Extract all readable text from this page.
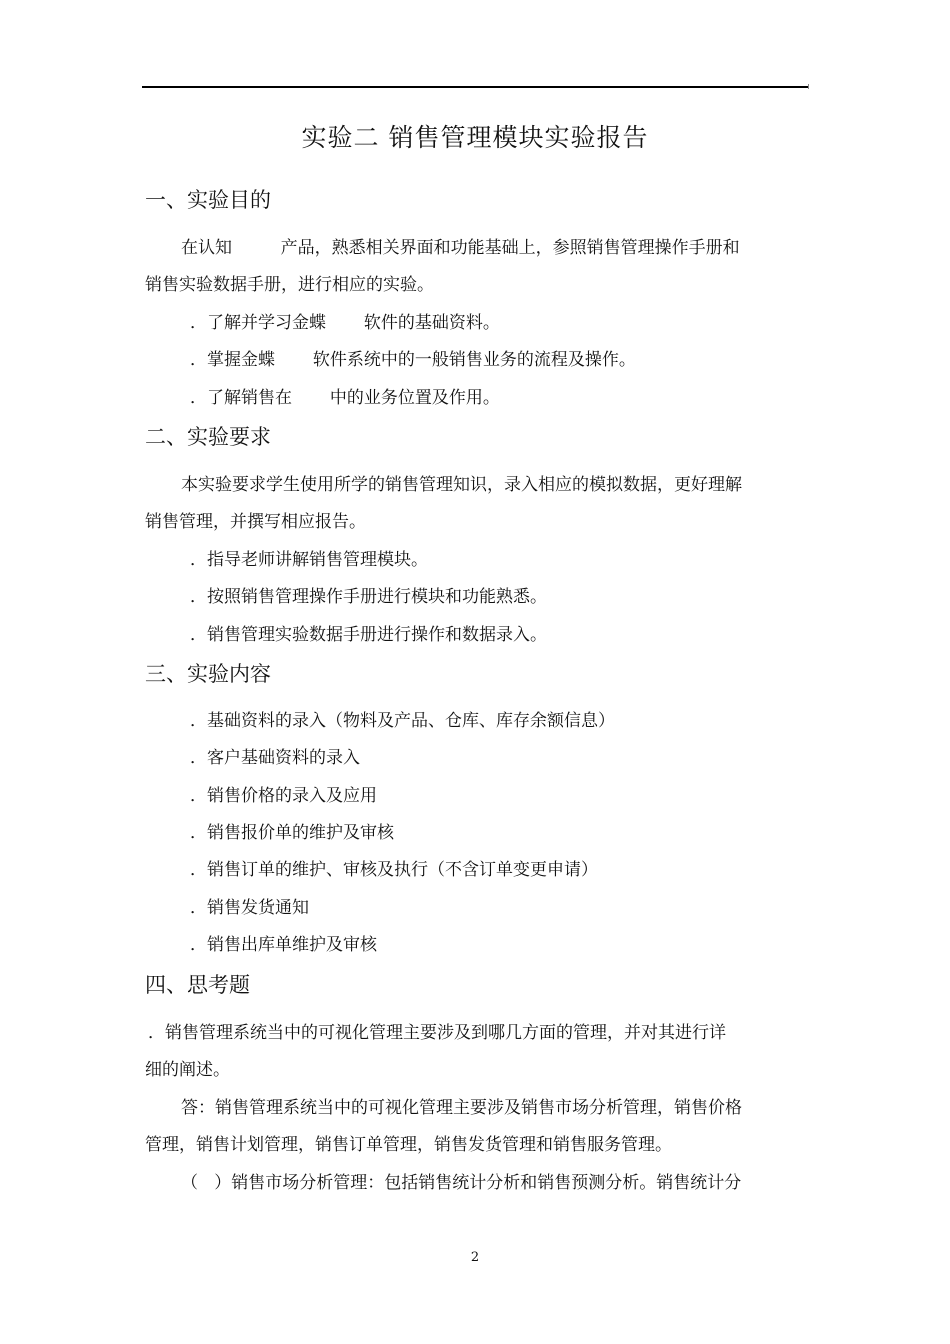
实验二 销售管理模块实验报告
一、实验目的
在认知         产品，熟悉相关界面和功能基础上，参照销售管理操作手册和
销售实验数据手册，进行相应的实验。
．了解并学习金蝶       软件的基础资料。
．掌握金蝶       软件系统中的一般销售业务的流程及操作。
．了解销售在       中的业务位置及作用。
二、实验要求
本实验要求学生使用所学的销售管理知识，录入相应的模拟数据，更好理解
销售管理，并撰写相应报告。
．指导老师讲解销售管理模块。
．按照销售管理操作手册进行模块和功能熟悉。
．销售管理实验数据手册进行操作和数据录入。
三、实验内容
．基础资料的录入（物料及产品、仓库、库存余额信息）
．客户基础资料的录入
．销售价格的录入及应用
．销售报价单的维护及审核
．销售订单的维护、审核及执行（不含订单变更申请）
．销售发货通知
．销售出库单维护及审核
四、思考题
．销售管理系统当中的可视化管理主要涉及到哪几方面的管理，并对其进行详
细的阐述。
答：销售管理系统当中的可视化管理主要涉及销售市场分析管理，销售价格
管理，销售计划管理，销售订单管理，销售发货管理和销售服务管理。
（   ）销售市场分析管理：包括销售统计分析和销售预测分析。销售统计分
2
